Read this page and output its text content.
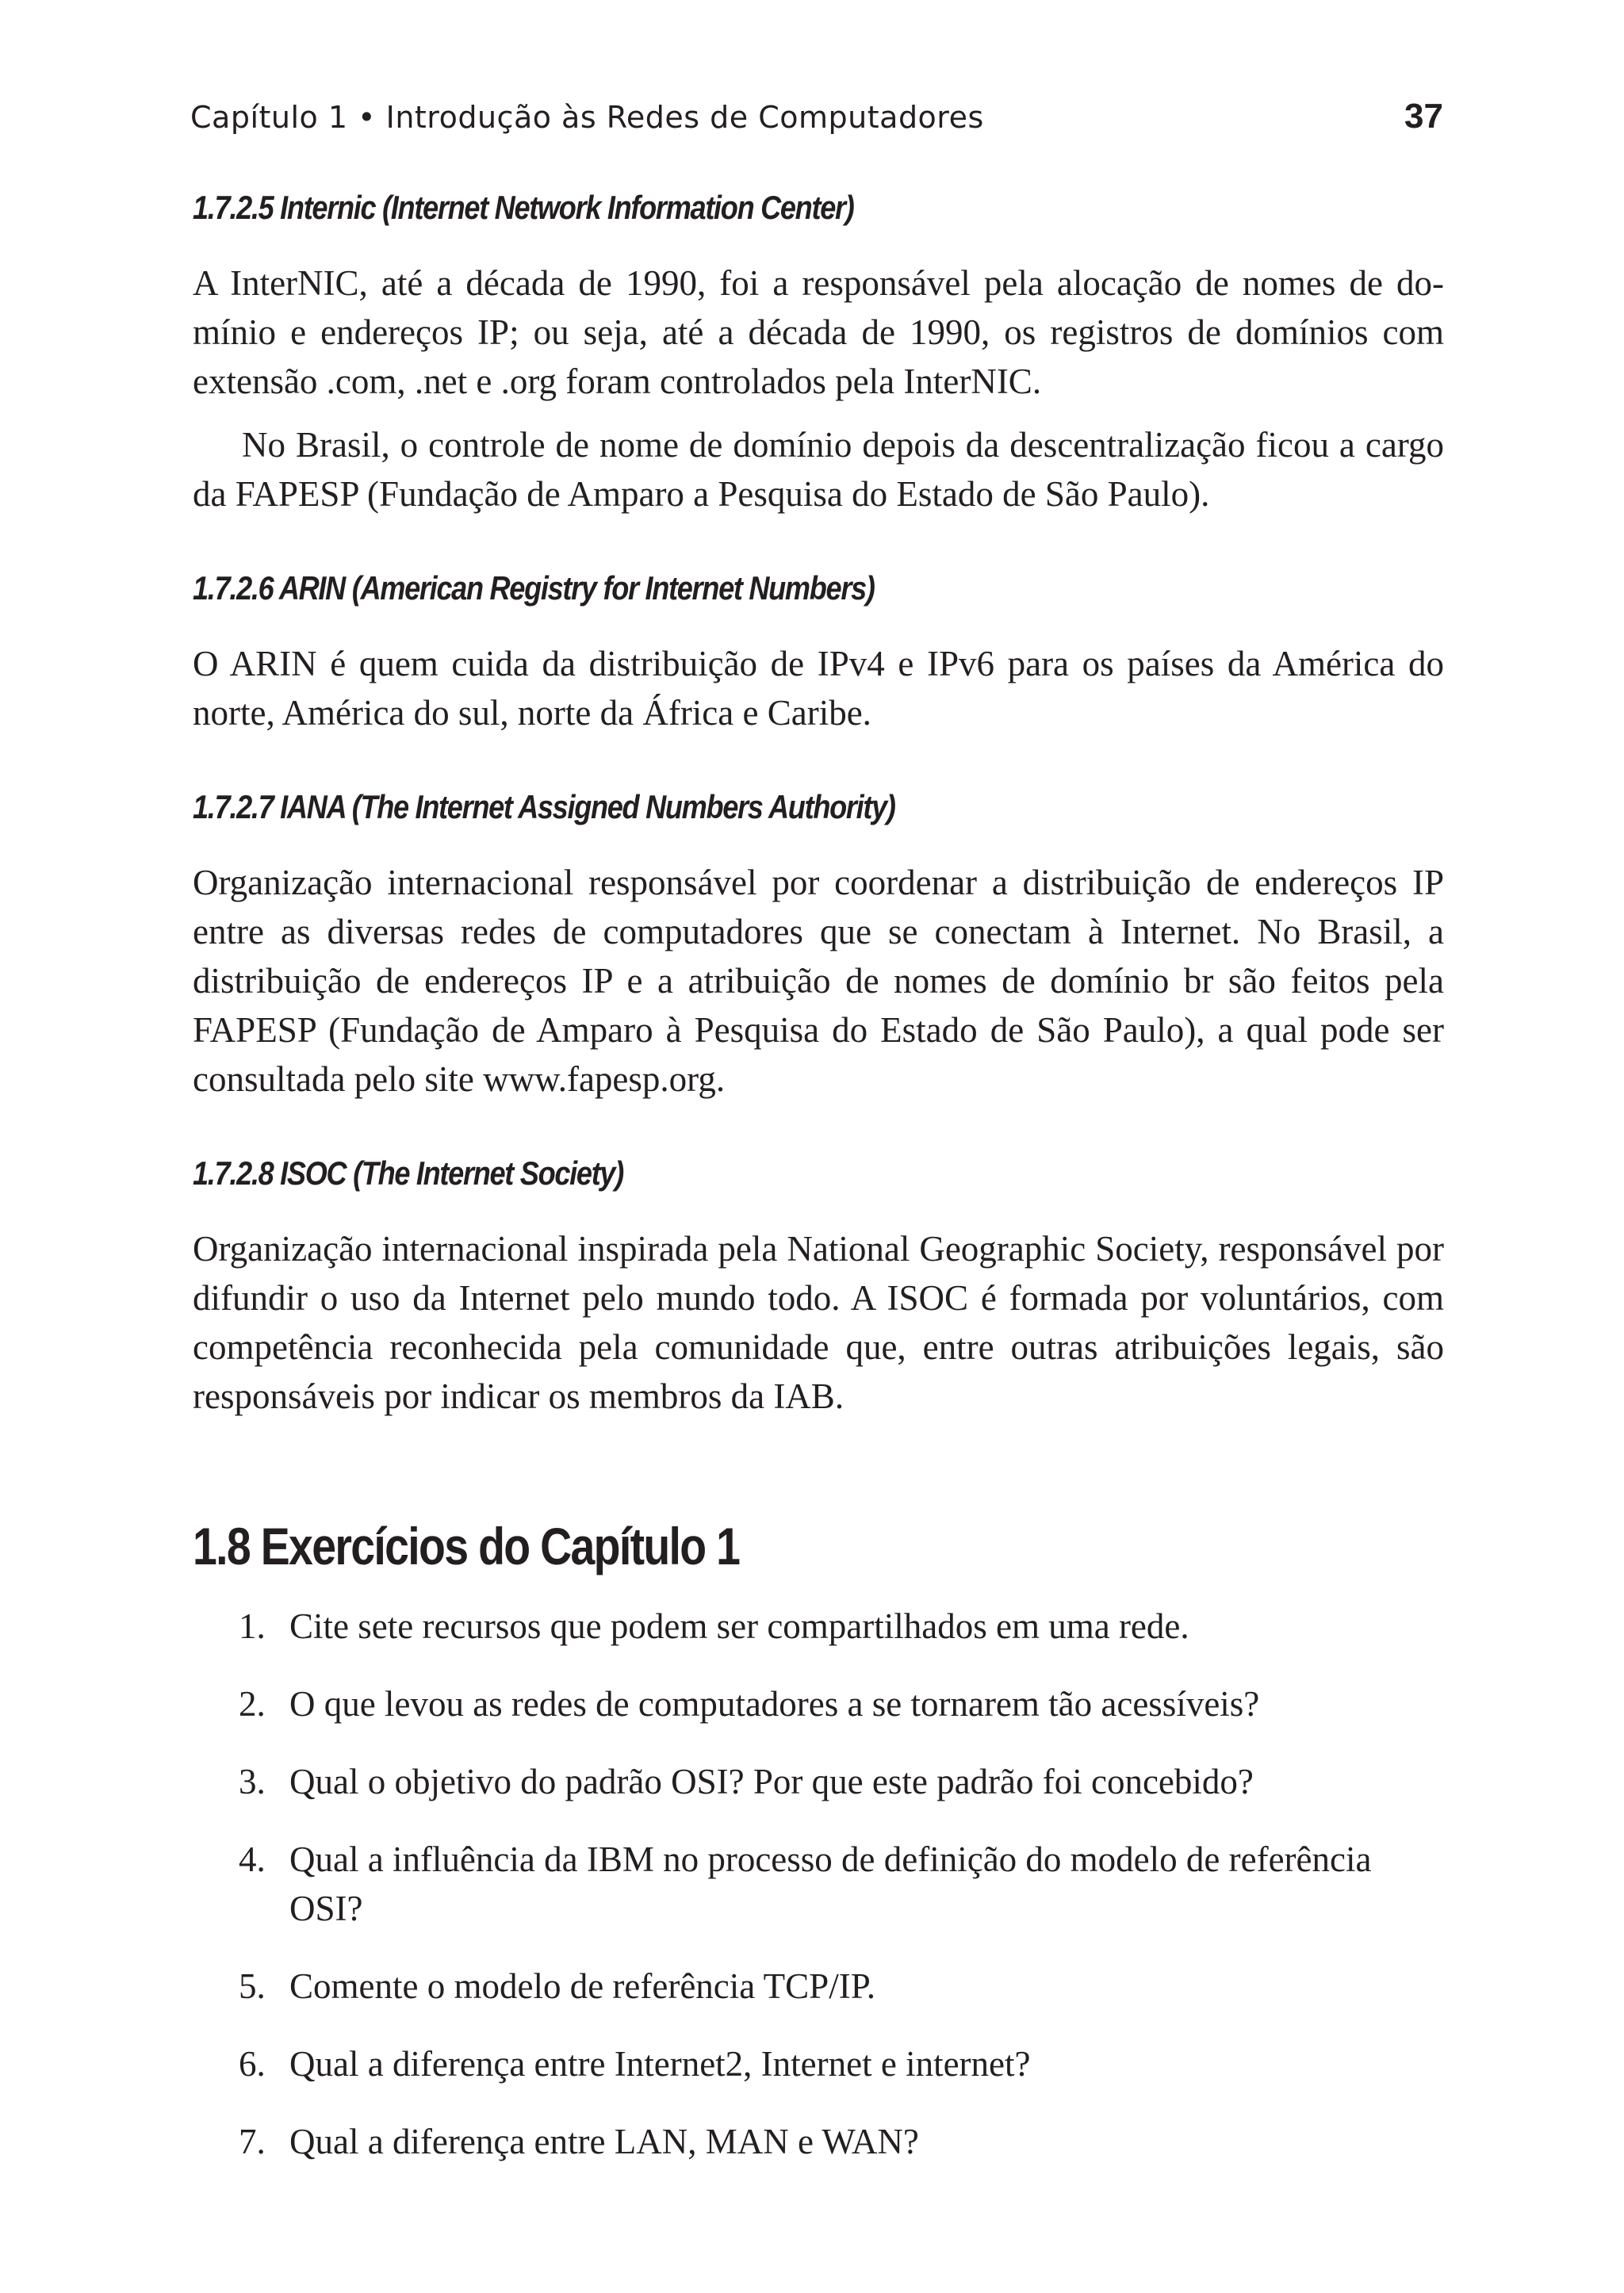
Capítulo 1 • Introdução às Redes de Computadores	37
1.7.2.5 Internic (Internet Network Information Center)

A InterNIC, até a década de 1990, foi a responsável pela alocação de nomes de do-mínio e endereços IP; ou seja, até a década de 1990, os registros de domínios com extensão .com, .net e .org foram controlados pela InterNIC.

No Brasil, o controle de nome de domínio depois da descentralização ficou a cargo da FAPESP (Fundação de Amparo a Pesquisa do Estado de São Paulo).

1.7.2.6 ARIN (American Registry for Internet Numbers)

O ARIN é quem cuida da distribuição de IPv4 e IPv6 para os países da América do norte, América do sul, norte da África e Caribe.

1.7.2.7 IANA (The Internet Assigned Numbers Authority)

Organização internacional responsável por coordenar a distribuição de endereços IP entre as diversas redes de computadores que se conectam à Internet. No Brasil, a distribuição de endereços IP e a atribuição de nomes de domínio br são feitos pela FAPESP (Fundação de Amparo à Pesquisa do Estado de São Paulo), a qual pode ser consultada pelo site www.fapesp.org.

1.7.2.8 ISOC (The Internet Society)

Organização internacional inspirada pela National Geographic Society, responsável por difundir o uso da Internet pelo mundo todo. A ISOC é formada por voluntários, com competência reconhecida pela comunidade que, entre outras atribuições legais, são responsáveis por indicar os membros da IAB.

1.8 Exercícios do Capítulo 1
1. Cite sete recursos que podem ser compartilhados em uma rede.
2. O que levou as redes de computadores a se tornarem tão acessíveis?
3. Qual o objetivo do padrão OSI? Por que este padrão foi concebido?
4. Qual a influência da IBM no processo de definição do modelo de referência OSI?
5. Comente o modelo de referência TCP/IP.
6. Qual a diferença entre Internet2, Internet e internet?
7. Qual a diferença entre LAN, MAN e WAN?
